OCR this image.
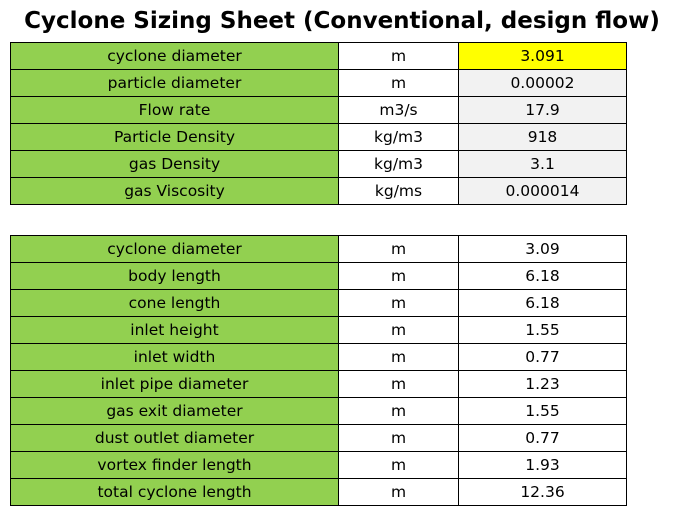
Cyclone Sizing Sheet (Conventional, design flow)
cyclone diameter	m	3.091
particle diameter	m	0.00002
Flow rate	m3/s	17.9
Particle Density	kg/m3	918
gas Density	kg/m3	3.1
gas Viscosity	kg/ms	0.000014
cyclone diameter	m	3.09
body length	m	6.18
cone length	m	6.18
inlet height	m	1.55
inlet width	m	0.77
inlet pipe diameter	m	1.23
gas exit diameter	m	1.55
dust outlet diameter	m	0.77
vortex finder length	m	1.93
total cyclone length	m	12.36
